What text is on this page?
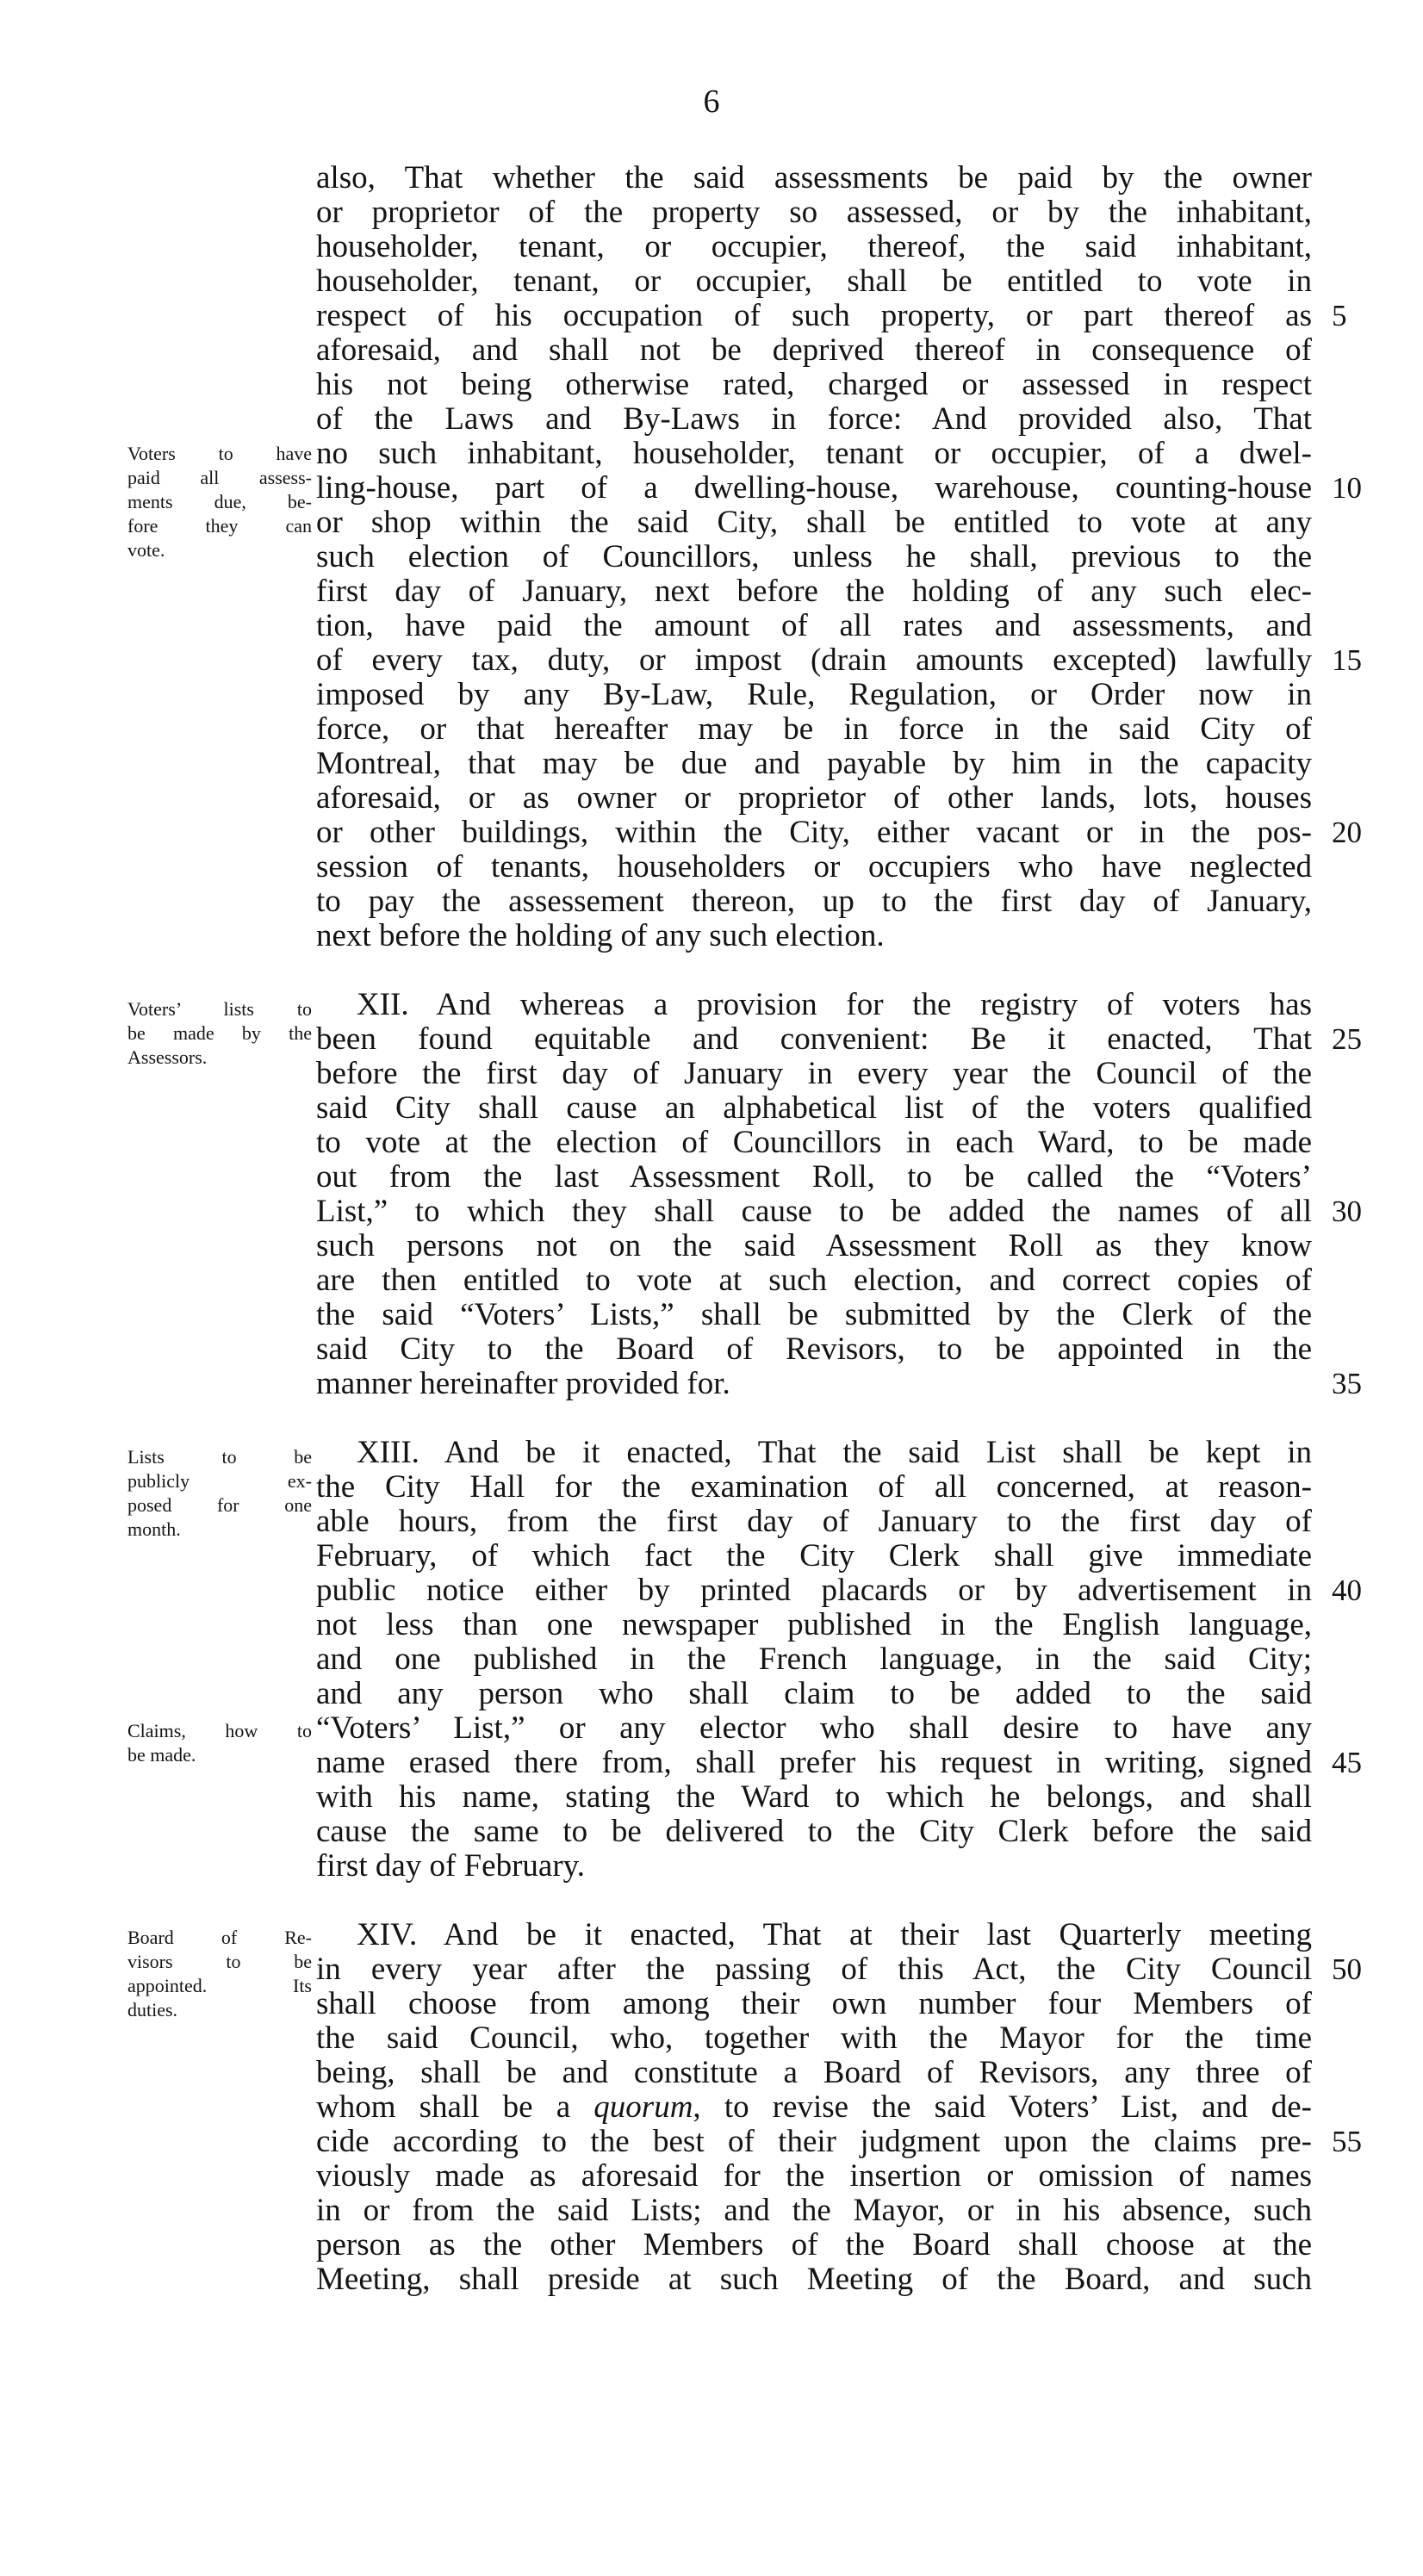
6
also, That whether the said assessments be paid by the owner
or proprietor of the property so assessed, or by the inhabitant,
householder, tenant, or occupier, thereof, the said inhabitant,
householder, tenant, or occupier, shall be entitled to vote in
respect of his occupation of such property, or part thereof as
aforesaid, and shall not be deprived thereof in consequence of
his not being otherwise rated, charged or assessed in respect
of the Laws and By-Laws in force: And provided also, That
no such inhabitant, householder, tenant or occupier, of a dwel-
ling-house, part of a dwelling-house, warehouse, counting-house
or shop within the said City, shall be entitled to vote at any
such election of Councillors, unless he shall, previous to the
first day of January, next before the holding of any such elec-
tion, have paid the amount of all rates and assessments, and
of every tax, duty, or impost (drain amounts excepted) lawfully
imposed by any By-Law, Rule, Regulation, or Order now in
force, or that hereafter may be in force in the said City of
Montreal, that may be due and payable by him in the capacity
aforesaid, or as owner or proprietor of other lands, lots, houses
or other buildings, within the City, either vacant or in the pos-
session of tenants, householders or occupiers who have neglected
to pay the assessement thereon, up to the first day of January,
next before the holding of any such election.
XII. And whereas a provision for the registry of voters has
been found equitable and convenient: Be it enacted, That
before the first day of January in every year the Council of the
said City shall cause an alphabetical list of the voters qualified
to vote at the election of Councillors in each Ward, to be made
out from the last Assessment Roll, to be called the “Voters’
List,” to which they shall cause to be added the names of all
such persons not on the said Assessment Roll as they know
are then entitled to vote at such election, and correct copies of
the said “Voters’ Lists,” shall be submitted by the Clerk of the
said City to the Board of Revisors, to be appointed in the
manner hereinafter provided for.
XIII. And be it enacted, That the said List shall be kept in
the City Hall for the examination of all concerned, at reason-
able hours, from the first day of January to the first day of
February, of which fact the City Clerk shall give immediate
public notice either by printed placards or by advertisement in
not less than one newspaper published in the English language,
and one published in the French language, in the said City;
and any person who shall claim to be added to the said
“Voters’ List,” or any elector who shall desire to have any
name erased there from, shall prefer his request in writing, signed
with his name, stating the Ward to which he belongs, and shall
cause the same to be delivered to the City Clerk before the said
first day of February.
XIV. And be it enacted, That at their last Quarterly meeting
in every year after the passing of this Act, the City Council
shall choose from among their own number four Members of
the said Council, who, together with the Mayor for the time
being, shall be and constitute a Board of Revisors, any three of
whom shall be a quorum, to revise the said Voters’ List, and de-
cide according to the best of their judgment upon the claims pre-
viously made as aforesaid for the insertion or omission of names
in or from the said Lists; and the Mayor, or in his absence, such
person as the other Members of the Board shall choose at the
Meeting, shall preside at such Meeting of the Board, and such
Voters to have
paid all assess-
ments due, be-
fore they can
vote.
Voters’ lists to
be made by the
Assessors.
Lists to be
publicly ex-
posed for one
month.
Claims, how to
be made.
Board of Re-
visors to be
appointed. Its
duties.
5
10
15
20
25
30
35
40
45
50
55
